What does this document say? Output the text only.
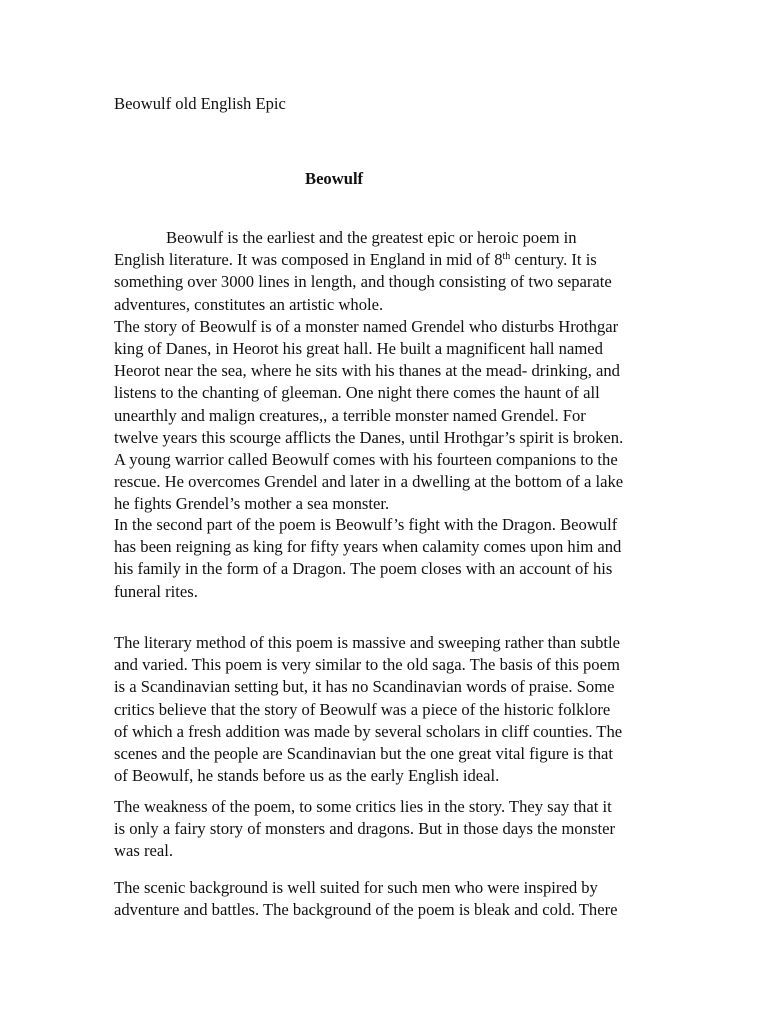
Beowulf old English Epic
Beowulf
Beowulf is the earliest and the greatest epic or heroic poem in
English literature. It was composed in England in mid of 8th century. It is
something over 3000 lines in length, and though consisting of two separate
adventures, constitutes an artistic whole.
The story of Beowulf is of a monster named Grendel who disturbs Hrothgar
king of Danes, in Heorot his great hall. He built a magnificent hall named
Heorot near the sea, where he sits with his thanes at the mead- drinking, and
listens to the chanting of gleeman. One night there comes the haunt of all
unearthly and malign creatures,, a terrible monster named Grendel. For
twelve years this scourge afflicts the Danes, until Hrothgar’s spirit is broken.
A young warrior called Beowulf comes with his fourteen companions to the
rescue. He overcomes Grendel and later in a dwelling at the bottom of a lake
he fights Grendel’s mother a sea monster.
In the second part of the poem is Beowulf’s fight with the Dragon. Beowulf
has been reigning as king for fifty years when calamity comes upon him and
his family in the form of a Dragon. The poem closes with an account of his
funeral rites.
The literary method of this poem is massive and sweeping rather than subtle
and varied. This poem is very similar to the old saga. The basis of this poem
is a Scandinavian setting but, it has no Scandinavian words of praise. Some
critics believe that the story of Beowulf was a piece of the historic folklore
of which a fresh addition was made by several scholars in cliff counties. The
scenes and the people are Scandinavian but the one great vital figure is that
of Beowulf, he stands before us as the early English ideal.
The weakness of the poem, to some critics lies in the story. They say that it
is only a fairy story of monsters and dragons. But in those days the monster
was real.
The scenic background is well suited for such men who were inspired by
adventure and battles. The background of the poem is bleak and cold. There
